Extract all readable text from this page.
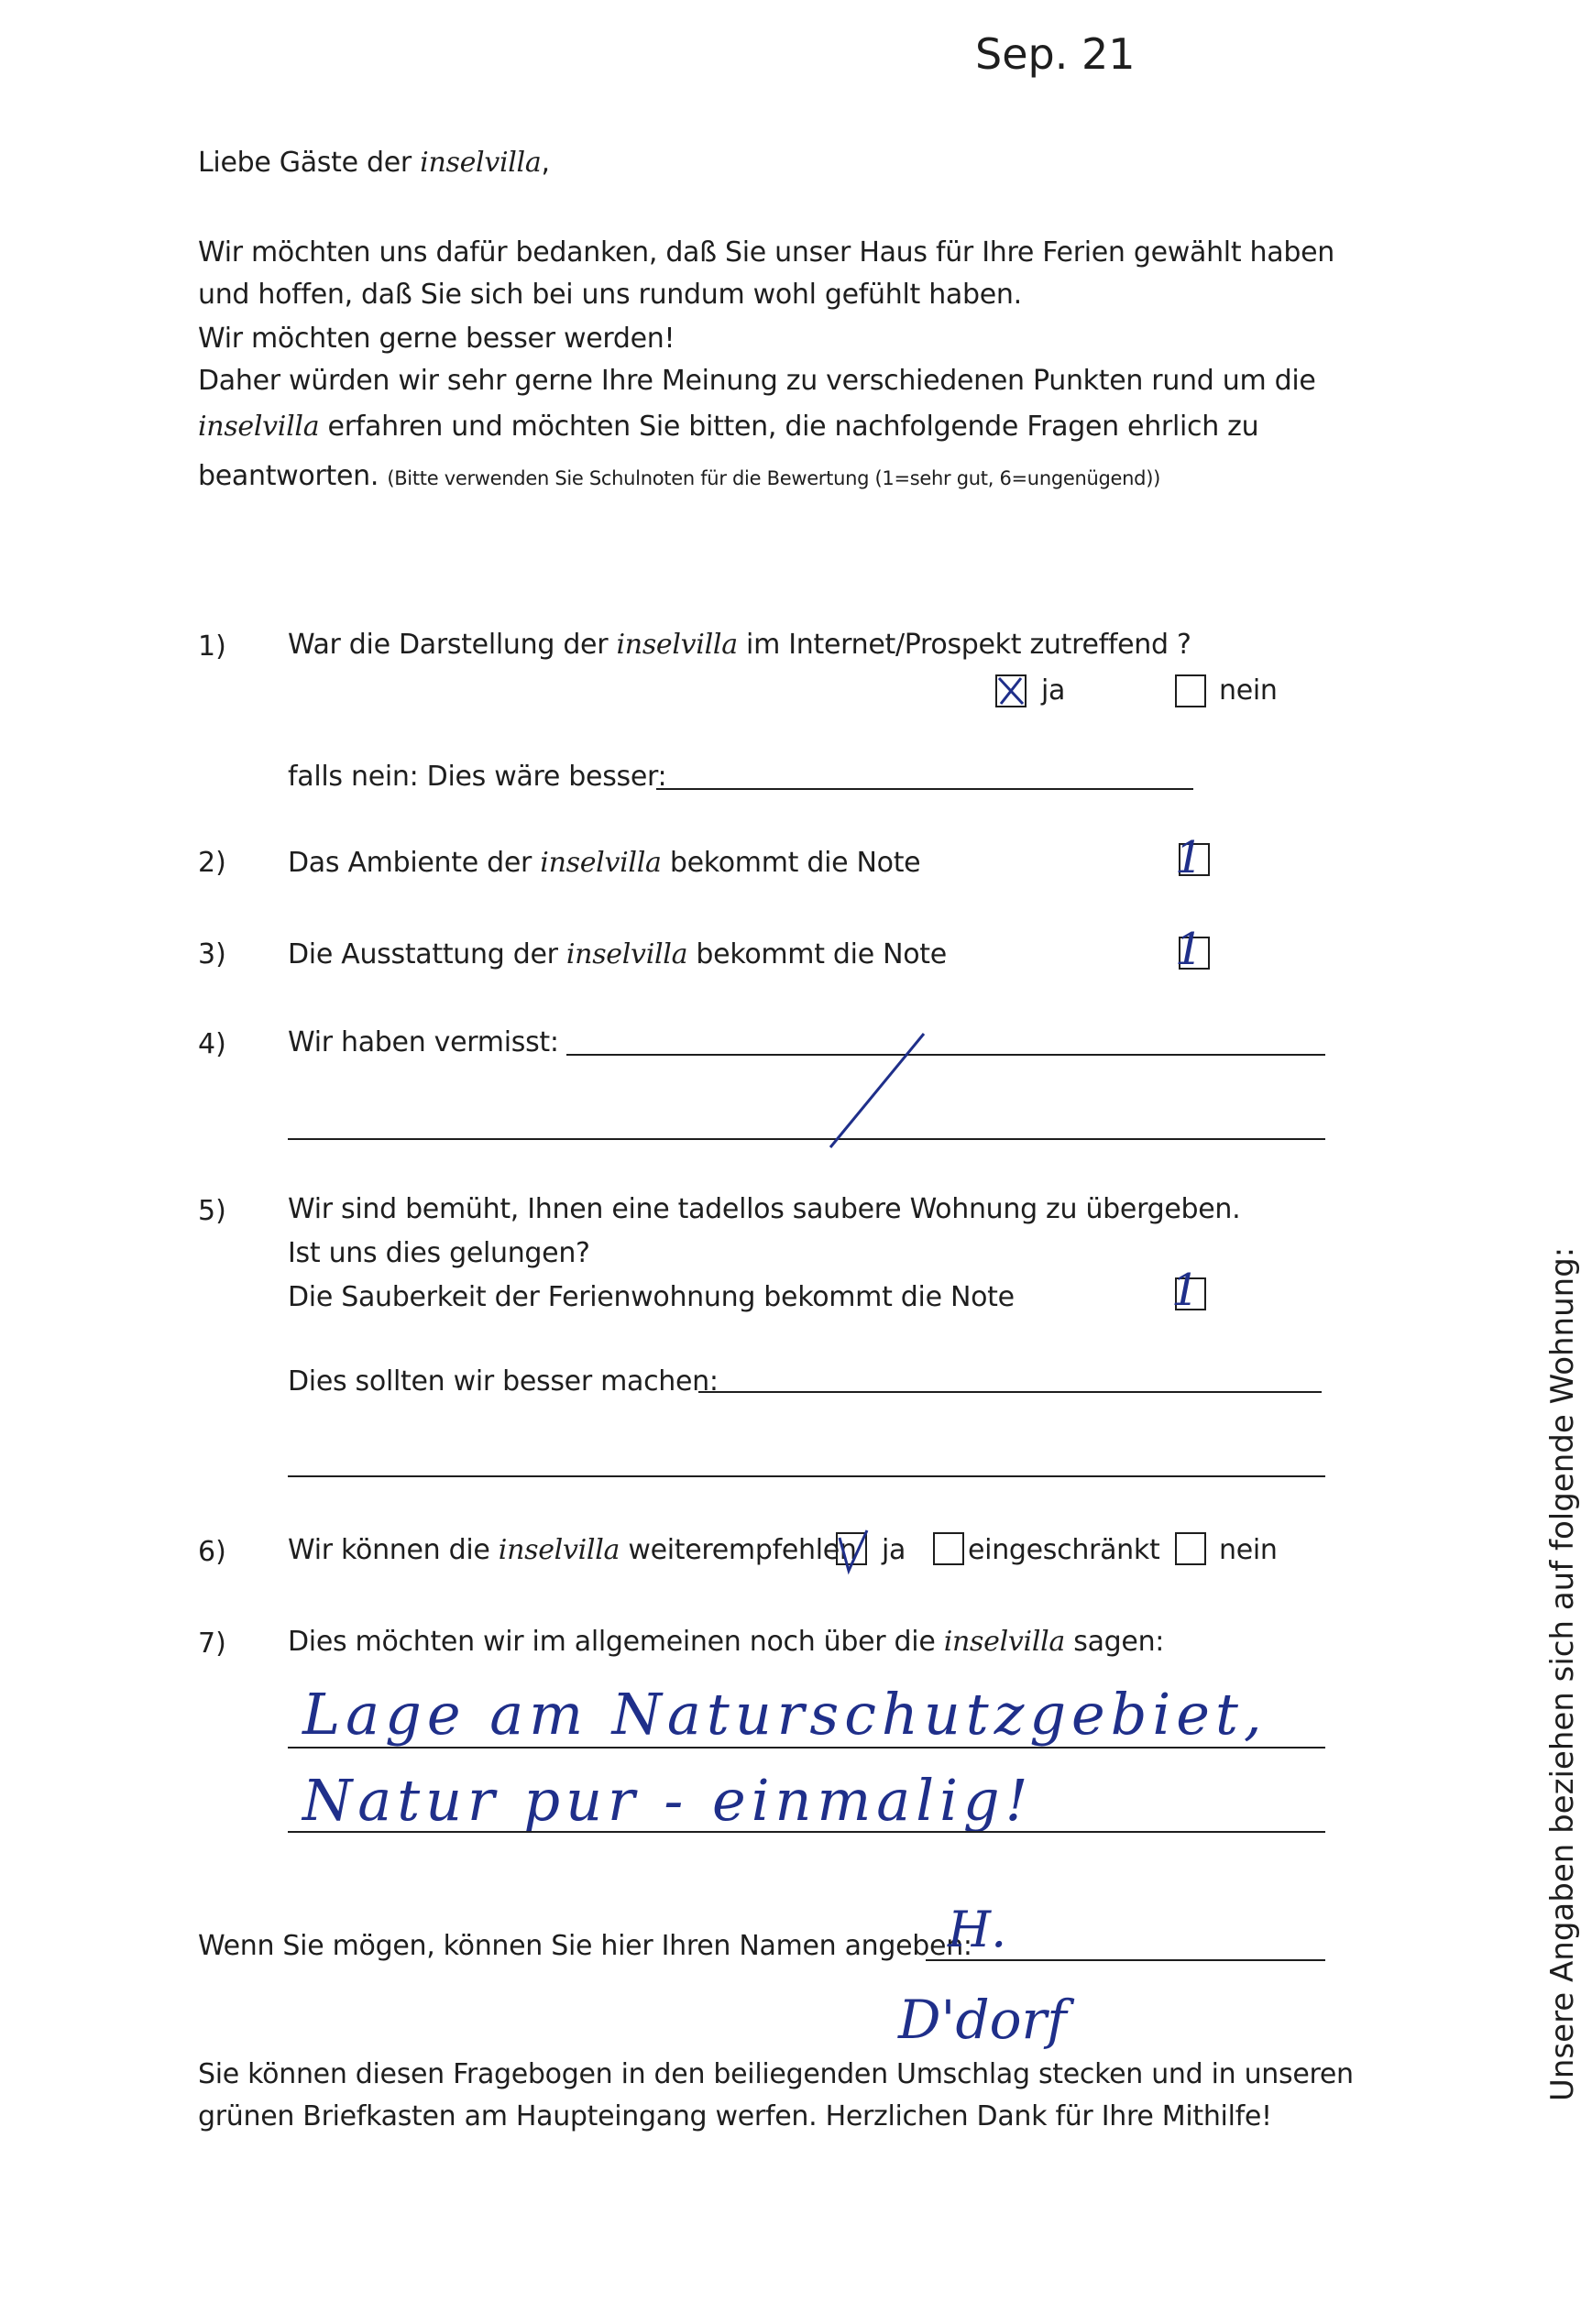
Sep. 21
Liebe Gäste der inselvilla,
Wir möchten uns dafür bedanken, daß Sie unser Haus für Ihre Ferien gewählt haben
und hoffen, daß Sie sich bei uns rundum wohl gefühlt haben.
Wir möchten gerne besser werden!
Daher würden wir sehr gerne Ihre Meinung zu verschiedenen Punkten rund um die
inselvilla erfahren und möchten Sie bitten, die nachfolgende Fragen ehrlich zu
beantworten. (Bitte verwenden Sie Schulnoten für die Bewertung (1=sehr gut, 6=ungenügend))
1) War die Darstellung der inselvilla im Internet/Prospekt zutreffend ?
ja	nein
falls nein: Dies wäre besser:
2) Das Ambiente der inselvilla bekommt die Note	1
3) Die Ausstattung der inselvilla bekommt die Note	1
4) Wir haben vermisst:
5) Wir sind bemüht, Ihnen eine tadellos saubere Wohnung zu übergeben.
Ist uns dies gelungen?
Die Sauberkeit der Ferienwohnung bekommt die Note	1
Dies sollten wir besser machen:
6) Wir können die inselvilla weiterempfehlen ja eingeschränkt nein
7) Dies möchten wir im allgemeinen noch über die inselvilla sagen:
Lage am Naturschutzgebiet,
Natur pur - einmalig!
Wenn Sie mögen, können Sie hier Ihren Namen angeben:
H.
D'dorf
Sie können diesen Fragebogen in den beiliegenden Umschlag stecken und in unseren
grünen Briefkasten am Haupteingang werfen. Herzlichen Dank für Ihre Mithilfe!
Unsere Angaben beziehen sich auf folgende Wohnung:
